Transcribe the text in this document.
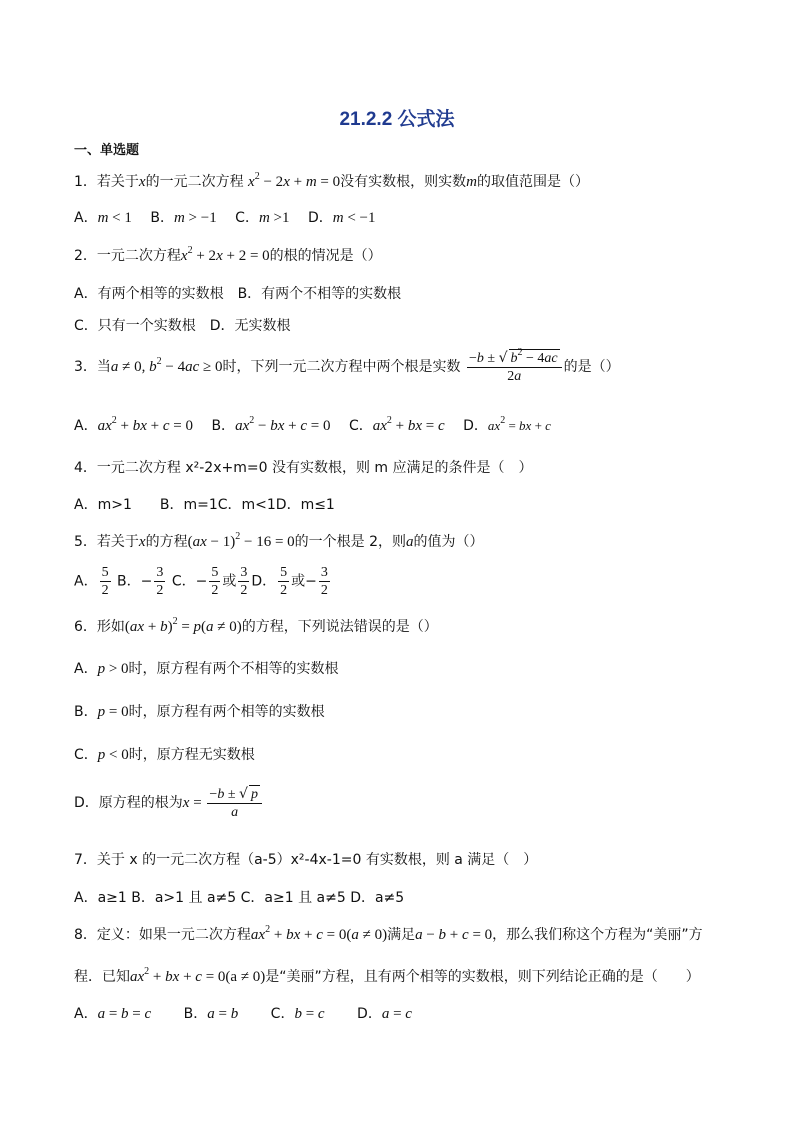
21.2.2 公式法
一、单选题
1．若关于x的一元二次方程 $x^2 - 2x + m = 0$没有实数根，则实数m的取值范围是（）
A．m < 1 B．m > −1 C．m >1 D．m < −1
2．一元二次方程$x^2 + 2x + 2 = 0$的根的情况是（）
A．有两个相等的实数根 B．有两个不相等的实数根
C．只有一个实数根 D．无实数根
3．当a ≠ 0, $b^2 - 4ac \ge 0$时，下列一元二次方程中两个根是实数 $\frac{-b \pm √ b^2 - 4ac}{2a}$ 的是（）
A．$ax^2$ + bx + c = 0 B．$ax^2$ − bx + c = 0 C．$ax^2$ + bx = c D．$ax^2$ = bx + c
4．一元二次方程 x²-2x+m=0 没有实数根，则 m 应满足的条件是（　）
A．m>1　　B．m=1C．m<1D．m≤1
5．若关于x的方程(ax − 1)$^2$ − 16 = 0的一个根是 2，则a的值为（）
A． $\frac{5}{2}$ B．− $\frac{3}{2}$ C．− $\frac{5}{2}$ 或 $\frac{3}{2}$ D． $\frac{5}{2}$ 或− $\frac{3}{2}$
6．形如(ax + b)$^2$ = p(a ≠ 0)的方程，下列说法错误的是（）
A．p > 0时，原方程有两个不相等的实数根
B．p = 0时，原方程有两个相等的实数根
C．p < 0时，原方程无实数根
D．原方程的根为$x = \frac{-b \pm √ p}{a}$
7．关于 x 的一元二次方程（a-5）x²-4x-1=0 有实数根，则 a 满足（　）
A．a≥1 B．a>1 且 a≠5 C．a≥1 且 a≠5 D．a≠5
8．定义：如果一元二次方程$ax^2$ + bx + c = 0(a ≠ 0)满足a − b + c = 0，那么我们称这个方程为“美丽”方
程．已知$ax^2$ + bx + c = 0(a ≠ 0)是“美丽”方程，且有两个相等的实数根，则下列结论正确的是（　　）
A．a = b = c B．a = b C．b = c D．a = c
